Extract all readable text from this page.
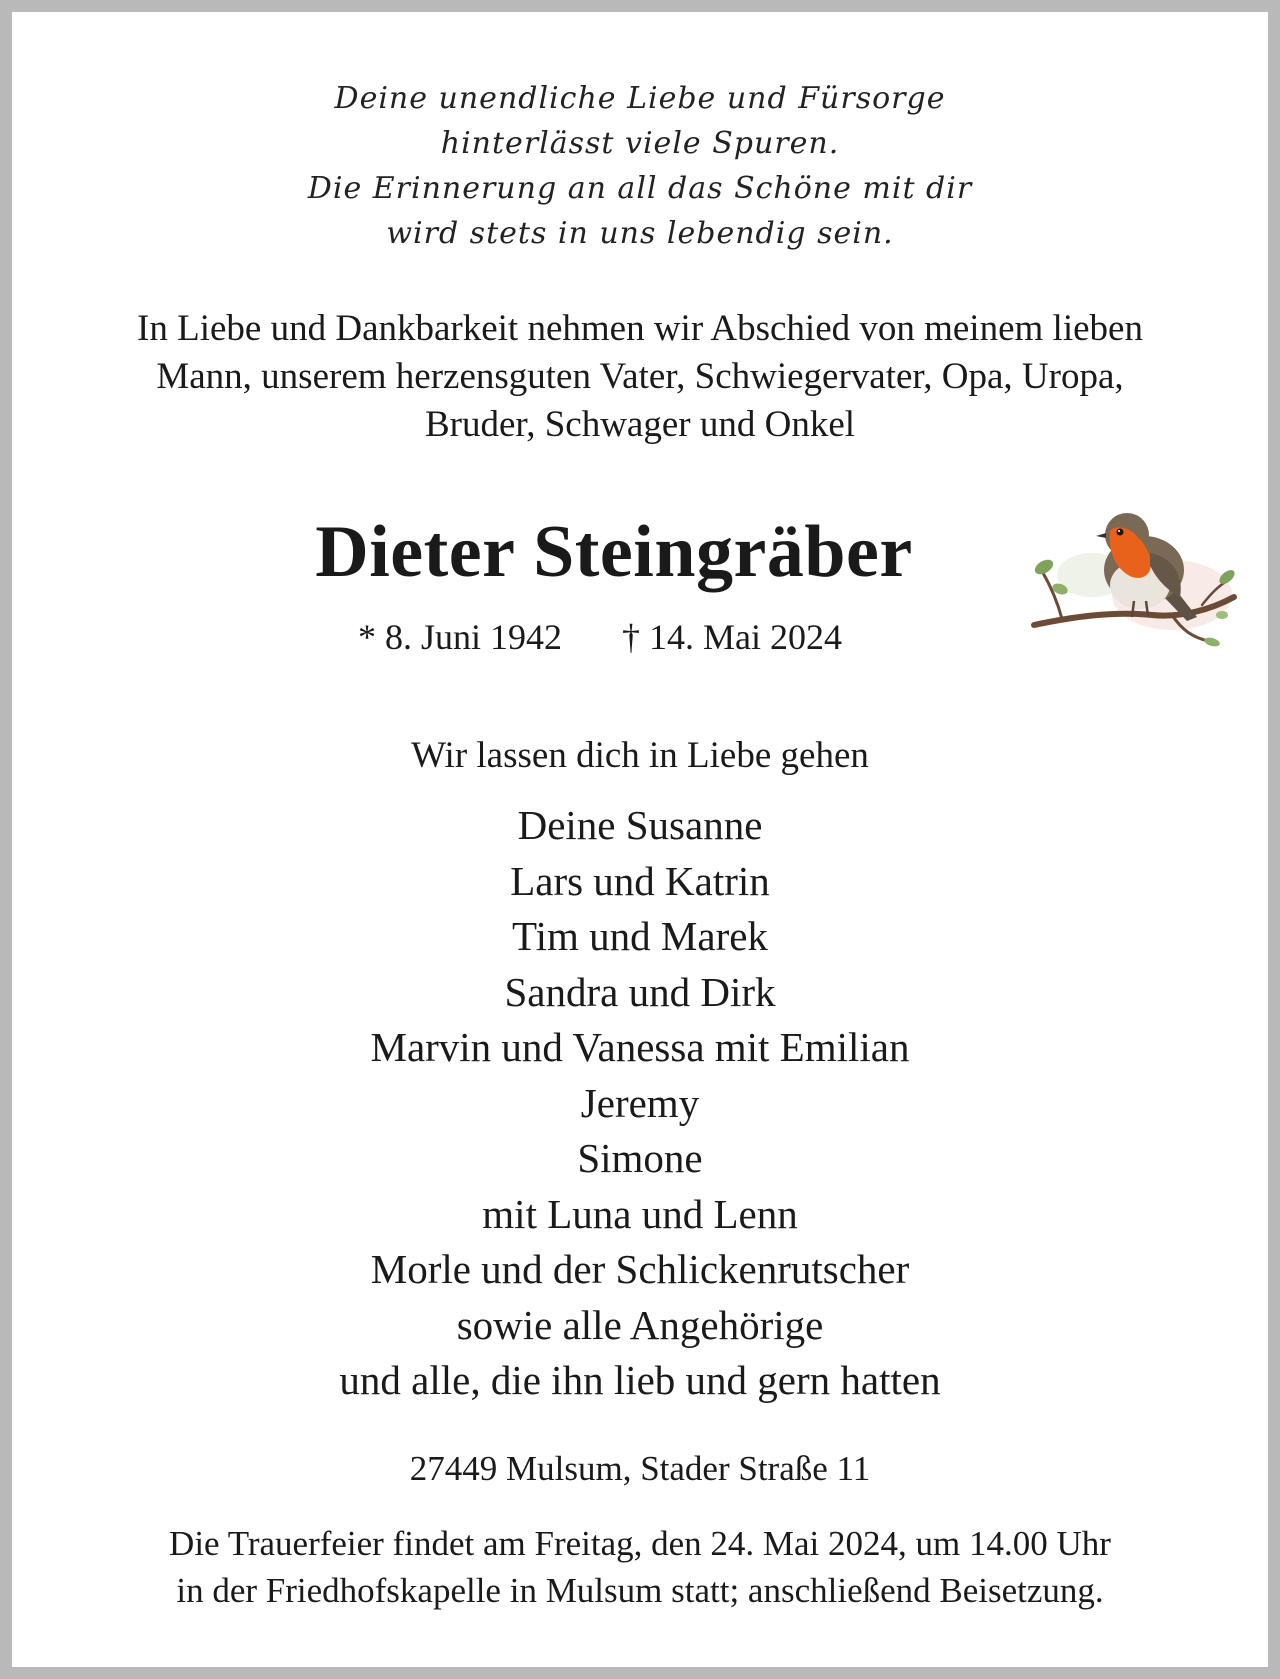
Deine unendliche Liebe und Fürsorge
hinterlässt viele Spuren.
Die Erinnerung an all das Schöne mit dir
wird stets in uns lebendig sein.
In Liebe und Dankbarkeit nehmen wir Abschied von meinem lieben
Mann, unserem herzensguten Vater, Schwiegervater, Opa, Uropa,
Bruder, Schwager und Onkel
Dieter Steingräber
* 8. Juni 1942 † 14. Mai 2024
Wir lassen dich in Liebe gehen
Deine Susanne
Lars und Katrin
Tim und Marek
Sandra und Dirk
Marvin und Vanessa mit Emilian
Jeremy
Simone
mit Luna und Lenn
Morle und der Schlickenrutscher
sowie alle Angehörige
und alle, die ihn lieb und gern hatten
27449 Mulsum, Stader Straße 11
Die Trauerfeier findet am Freitag, den 24. Mai 2024, um 14.00 Uhr
in der Friedhofskapelle in Mulsum statt; anschließend Beisetzung.
